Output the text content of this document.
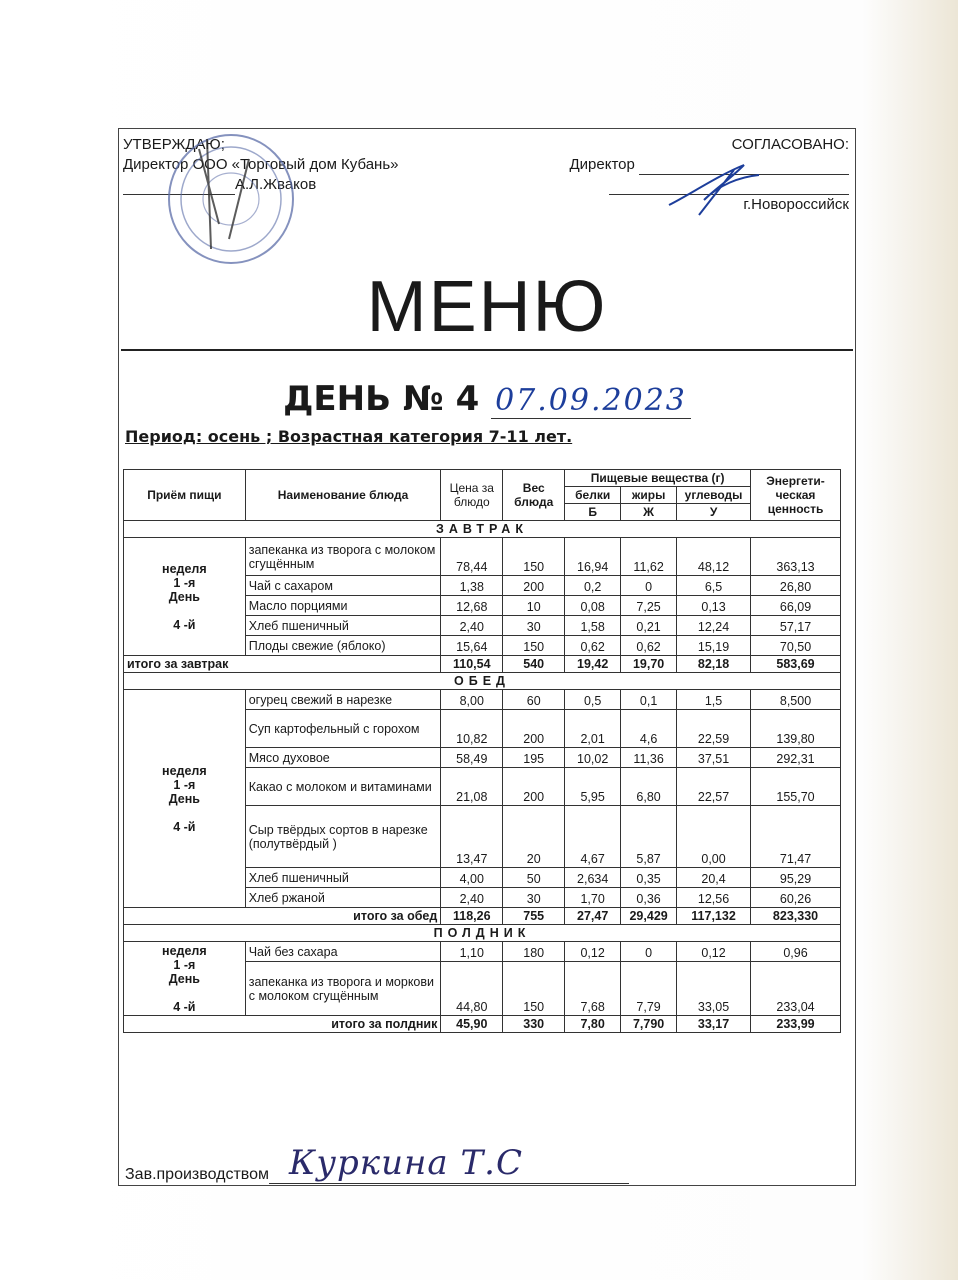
УТВЕРЖДАЮ;
Директор ООО «Торговый дом Кубань»
А.Л.Жваков
СОГЛАСОВАНО:
Директор
г.Новороссийск
МЕНЮ
ДЕНЬ № 4 07.09.2023
Период: осень ; Возрастная категория 7-11 лет.
Приём пищи	Наименование блюда	Цена за блюдо	Вес блюда	Пищевые вещества (г)			Энергети-ческая ценность
				белки	жиры	углеводы	
				Б	Ж	У	
ЗАВТРАК							

неделя
1 -я
День

4 -й	запеканка из творога с молоком сгущённым	78,44	150	16,94	11,62	48,12	363,13
	Чай с сахаром	1,38	200	0,2	0	6,5	26,80
	Масло порциями	12,68	10	0,08	7,25	0,13	66,09
	Хлеб пшеничный	2,40	30	1,58	0,21	12,24	57,17
	Плоды свежие (яблоко)	15,64	150	0,62	0,62	15,19	70,50
итого за завтрак		110,54	540	19,42	19,70	82,18	583,69
ОБЕД							

неделя
1 -я
День

4 -й	огурец свежий в нарезке	8,00	60	0,5	0,1	1,5	8,500
	Суп картофельный с горохом	10,82	200	2,01	4,6	22,59	139,80
	Мясо духовое	58,49	195	10,02	11,36	37,51	292,31
	Какао с молоком и витаминами	21,08	200	5,95	6,80	22,57	155,70
	Сыр твёрдых сортов в нарезке (полутвёрдый )	13,47	20	4,67	5,87	0,00	71,47
	Хлеб пшеничный	4,00	50	2,634	0,35	20,4	95,29
	Хлеб ржаной	2,40	30	1,70	0,36	12,56	60,26
итого за обед		118,26	755	27,47	29,429	117,132	823,330
ПОЛДНИК							

неделя
1 -я
День

4 -й	Чай без сахара	1,10	180	0,12	0	0,12	0,96
	запеканка из творога и моркови с молоком сгущённым	44,80	150	7,68	7,79	33,05	233,04
итого за полдник		45,90	330	7,80	7,790	33,17	233,99
Зав.производством Куркина Т.С
